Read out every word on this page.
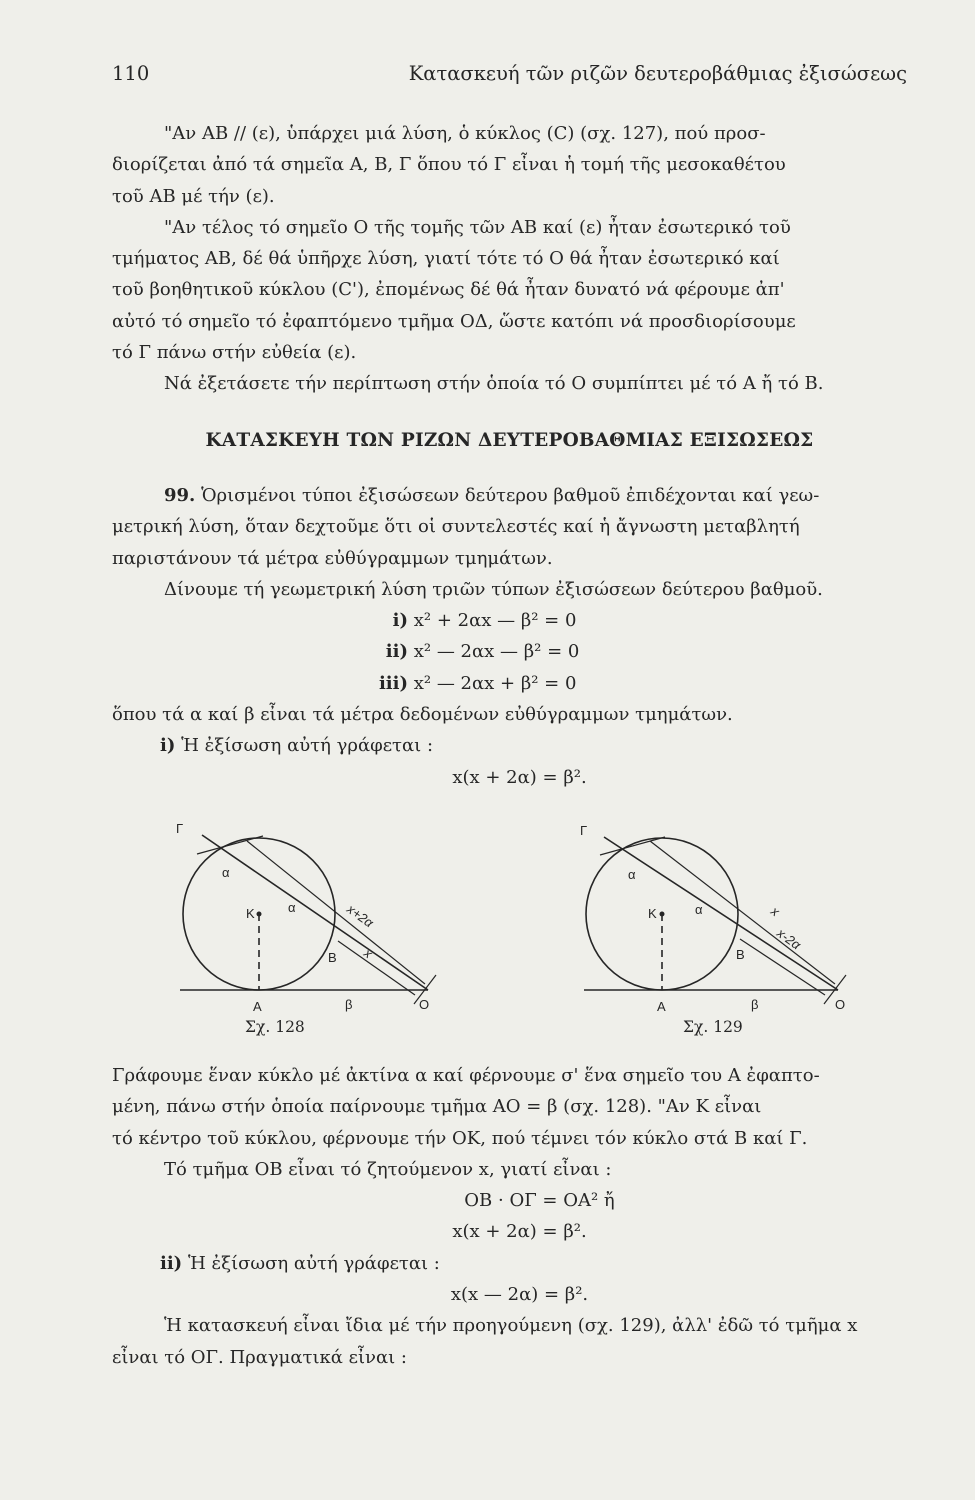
110	Κατασκευή τῶν ριζῶν δευτεροβάθμιας ἐξισώσεως

"Αν ΑΒ // (ε), ὑπάρχει μιά λύση, ὁ κύκλος (C) (σχ. 127), πού προσ-

διορίζεται ἀπό τά σημεῖα Α, Β, Γ ὅπου τό Γ εἶναι ἡ τομή τῆς μεσοκαθέτου

τοῦ ΑΒ μέ τήν (ε).

"Αν τέλος τό σημεῖο Ο τῆς τομῆς τῶν ΑΒ καί (ε) ἦταν ἐσωτερικό τοῦ

τμήματος ΑΒ, δέ θά ὑπῆρχε λύση, γιατί τότε τό Ο θά ἦταν ἐσωτερικό καί

τοῦ βοηθητικοῦ κύκλου (C'), ἐπομένως δέ θά ἦταν δυνατό νά φέρουμε ἀπ'

αὐτό τό σημεῖο τό ἐφαπτόμενο τμῆμα ΟΔ, ὥστε κατόπι νά προσδιορίσουμε

τό Γ πάνω στήν εὐθεία (ε).

Νά ἐξετάσετε τήν περίπτωση στήν ὁποία τό Ο συμπίπτει μέ τό Α ἤ τό Β.

ΚΑΤΑΣΚΕΥΗ ΤΩΝ ΡΙΖΩΝ ΔΕΥΤΕΡΟΒΑΘΜΙΑΣ ΕΞΙΣΩΣΕΩΣ

99. Ὁρισμένοι τύποι ἐξισώσεων δεύτερου βαθμοῦ ἐπιδέχονται καί γεω-

μετρική λύση, ὅταν δεχτοῦμε ὅτι οἱ συντελεστές καί ἡ ἄγνωστη μεταβλητή

παριστάνουν τά μέτρα εὐθύγραμμων τμημάτων.

Δίνουμε τή γεωμετρική λύση τριῶν τύπων ἐξισώσεων δεύτερου βαθμοῦ.

i) x² + 2αx — β² = 0

ii) x² — 2αx — β² = 0

iii) x² — 2αx + β² = 0

ὅπου τά α καί β εἶναι τά μέτρα δεδομένων εὐθύγραμμων τμημάτων.

i) Ἡ ἐξίσωση αὐτή γράφεται :

x(x + 2α) = β².

Γ
α
K	α
B
A	β	O
x+2α
x
Σχ. 128
Γ
α
K	α
B
A	β	O
x
x-2α
Σχ. 129

Γράφουμε ἕναν κύκλο μέ ἀκτίνα α καί φέρνουμε σ' ἕνα σημεῖο του Α ἐφαπτο-

μένη, πάνω στήν ὁποία παίρνουμε τμῆμα ΑΟ = β (σχ. 128). "Αν Κ εἶναι

τό κέντρο τοῦ κύκλου, φέρνουμε τήν ΟΚ, πού τέμνει τόν κύκλο στά Β καί Γ.

Τό τμῆμα ΟΒ εἶναι τό ζητούμενον x, γιατί εἶναι :

ΟΒ · ΟΓ = ΟΑ² ἤ

x(x + 2α) = β².

ii) Ἡ ἐξίσωση αὐτή γράφεται :

x(x — 2α) = β².

Ἡ κατασκευή εἶναι ἴδια μέ τήν προηγούμενη (σχ. 129), ἀλλ' ἐδῶ τό τμῆμα x

εἶναι τό ΟΓ. Πραγματικά εἶναι :
